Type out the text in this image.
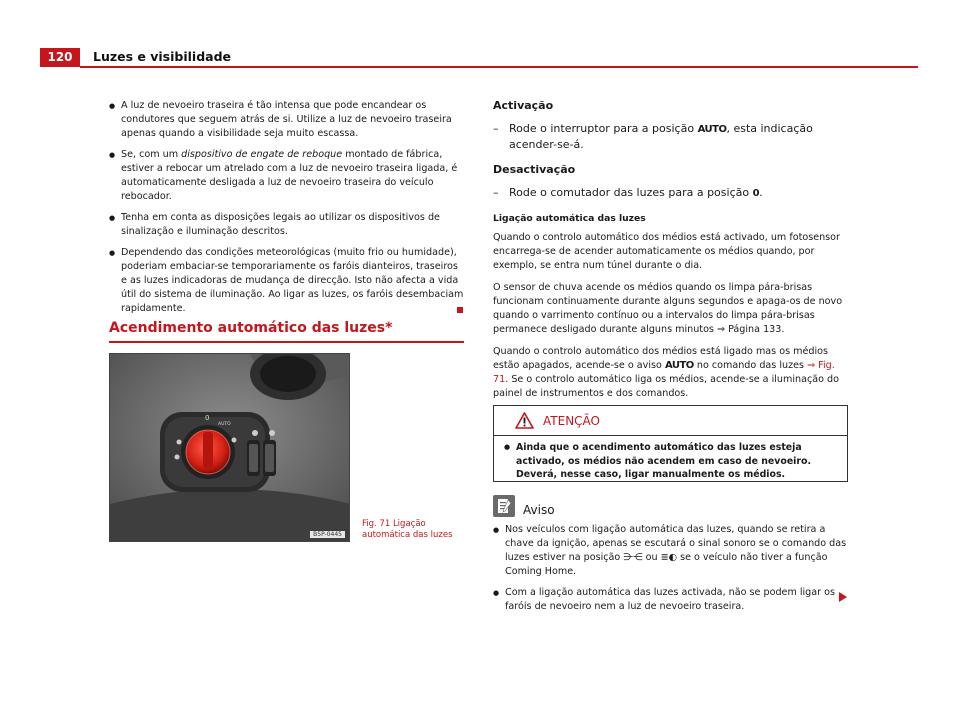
120	Luzes e visibilidade
● A luz de nevoeiro traseira é tão intensa que pode encandear os condutores que seguem atrás de si. Utilize a luz de nevoeiro traseira apenas quando a visibilidade seja muito escassa.
● Se, com um dispositivo de engate de reboque montado de fábrica, estiver a rebocar um atrelado com a luz de nevoeiro traseira ligada, é automaticamente desligada a luz de nevoeiro traseira do veículo rebocador.
● Tenha em conta as disposições legais ao utilizar os dispositivos de sinalização e iluminação descritos.
● Dependendo das condições meteorológicas (muito frio ou humidade), poderiam embaciar-se temporariamente os faróis dianteiros, traseiros e as luzes indicadoras de mudança de direcção. Isto não afecta a vida útil do sistema de iluminação. Ao ligar as luzes, os faróis desembaciam rapidamente.
Acendimento automático das luzes*
0
AUTO
B5P-0445
Fig. 71 Ligação automática das luzes
Activação
– Rode o interruptor para a posição AUTO, esta indicação acender-se-á.
Desactivação
– Rode o comutador das luzes para a posição 0.
Ligação automática das luzes
Quando o controlo automático dos médios está activado, um fotosensor encarrega-se de acender automaticamente os médios quando, por exemplo, se entra num túnel durante o dia.
O sensor de chuva acende os médios quando os limpa pára-brisas funcionam continuamente durante alguns segundos e apaga-os de novo quando o varrimento contínuo ou a intervalos do limpa pára-brisas permanece desligado durante alguns minutos ⇒ Página 133.
Quando o controlo automático dos médios está ligado mas os médios estão apagados, acende-se o aviso AUTO no comando das luzes ⇒ Fig. 71. Se o controlo automático liga os médios, acende-se a iluminação do painel de instrumentos e dos comandos.
ATENÇÃO
● Ainda que o acendimento automático das luzes esteja activado, os médios não acendem em caso de nevoeiro. Deverá, nesse caso, ligar manualmente os médios.
Aviso
● Nos veículos com ligação automática das luzes, quando se retira a chave da ignição, apenas se escutará o sinal sonoro se o comando das luzes estiver na posição ⋺⋲ ou ≣◐ se o veículo não tiver a função Coming Home.
● Com a ligação automática das luzes activada, não se podem ligar os faróis de nevoeiro nem a luz de nevoeiro traseira.
